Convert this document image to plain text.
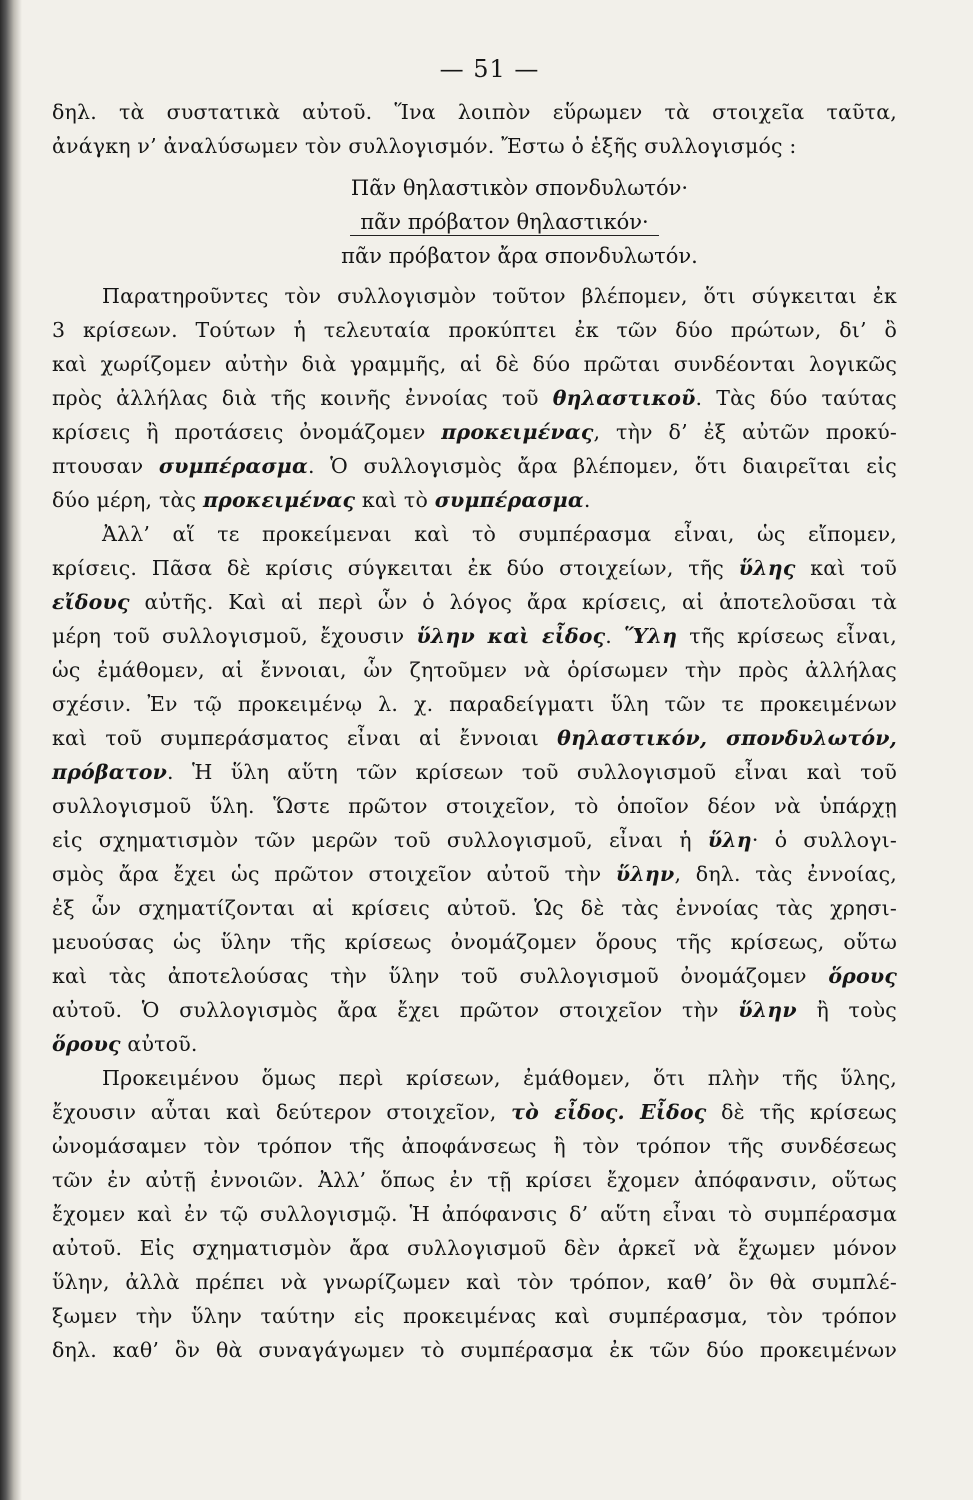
— 51 —
δηλ. τὰ συστατικὰ αὐτοῦ. Ἵνα λοιπὸν εὕρωμεν τὰ στοιχεῖα ταῦτα,
ἀνάγκη ν’ ἀναλύσωμεν τὸν συλλογισμόν. Ἔστω ὁ ἑξῆς συλλογισμός :
Πᾶν θηλαστικὸν σπονδυλωτόν·
πᾶν πρόβατον θηλαστικόν·
πᾶν πρόβατον ἄρα σπονδυλωτόν.
Παρατηροῦντες τὸν συλλογισμὸν τοῦτον βλέπομεν, ὅτι σύγκειται ἐκ
3 κρίσεων. Τούτων ἡ τελευταία προκύπτει ἐκ τῶν δύο πρώτων, δι’ ὃ
καὶ χωρίζομεν αὐτὴν διὰ γραμμῆς, αἱ δὲ δύο πρῶται συνδέονται λογικῶς
πρὸς ἀλλήλας διὰ τῆς κοινῆς ἐννοίας τοῦ θηλαστικοῦ. Τὰς δύο ταύτας
κρίσεις ἢ προτάσεις ὀνομάζομεν προκειμένας, τὴν δ’ ἐξ αὐτῶν προκύ-
πτουσαν συμπέρασμα. Ὁ συλλογισμὸς ἄρα βλέπομεν, ὅτι διαιρεῖται εἰς
δύο μέρη, τὰς προκειμένας καὶ τὸ συμπέρασμα.
Ἀλλ’ αἵ τε προκείμεναι καὶ τὸ συμπέρασμα εἶναι, ὡς εἴπομεν,
κρίσεις. Πᾶσα δὲ κρίσις σύγκειται ἐκ δύο στοιχείων, τῆς ὕλης καὶ τοῦ
εἴδους αὐτῆς. Καὶ αἱ περὶ ὧν ὁ λόγος ἄρα κρίσεις, αἱ ἀποτελοῦσαι τὰ
μέρη τοῦ συλλογισμοῦ, ἔχουσιν ὕλην καὶ εἶδος. Ὕλη τῆς κρίσεως εἶναι,
ὡς ἐμάθομεν, αἱ ἔννοιαι, ὧν ζητοῦμεν νὰ ὁρίσωμεν τὴν πρὸς ἀλλήλας
σχέσιν. Ἐν τῷ προκειμένῳ λ. χ. παραδείγματι ὕλη τῶν τε προκειμένων
καὶ τοῦ συμπεράσματος εἶναι αἱ ἔννοιαι θηλαστικόν, σπονδυλωτόν,
πρόβατον. Ἡ ὕλη αὕτη τῶν κρίσεων τοῦ συλλογισμοῦ εἶναι καὶ τοῦ
συλλογισμοῦ ὕλη. Ὥστε πρῶτον στοιχεῖον, τὸ ὁποῖον δέον νὰ ὑπάρχῃ
εἰς σχηματισμὸν τῶν μερῶν τοῦ συλλογισμοῦ, εἶναι ἡ ὕλη· ὁ συλλογι-
σμὸς ἄρα ἔχει ὡς πρῶτον στοιχεῖον αὐτοῦ τὴν ὕλην, δηλ. τὰς ἐννοίας,
ἐξ ὧν σχηματίζονται αἱ κρίσεις αὐτοῦ. Ὡς δὲ τὰς ἐννοίας τὰς χρησι-
μευούσας ὡς ὕλην τῆς κρίσεως ὀνομάζομεν ὅρους τῆς κρίσεως, οὕτω
καὶ τὰς ἀποτελούσας τὴν ὕλην τοῦ συλλογισμοῦ ὀνομάζομεν ὅρους
αὐτοῦ. Ὁ συλλογισμὸς ἄρα ἔχει πρῶτον στοιχεῖον τὴν ὕλην ἢ τοὺς
ὅρους αὐτοῦ.
Προκειμένου ὅμως περὶ κρίσεων, ἐμάθομεν, ὅτι πλὴν τῆς ὕλης,
ἔχουσιν αὗται καὶ δεύτερον στοιχεῖον, τὸ εἶδος. Εἶδος δὲ τῆς κρίσεως
ὠνομάσαμεν τὸν τρόπον τῆς ἀποφάνσεως ἢ τὸν τρόπον τῆς συνδέσεως
τῶν ἐν αὐτῇ ἐννοιῶν. Ἀλλ’ ὅπως ἐν τῇ κρίσει ἔχομεν ἀπόφανσιν, οὕτως
ἔχομεν καὶ ἐν τῷ συλλογισμῷ. Ἡ ἀπόφανσις δ’ αὕτη εἶναι τὸ συμπέρασμα
αὐτοῦ. Εἰς σχηματισμὸν ἄρα συλλογισμοῦ δὲν ἀρκεῖ νὰ ἔχωμεν μόνον
ὕλην, ἀλλὰ πρέπει νὰ γνωρίζωμεν καὶ τὸν τρόπον, καθ’ ὃν θὰ συμπλέ-
ξωμεν τὴν ὕλην ταύτην εἰς προκειμένας καὶ συμπέρασμα, τὸν τρόπον
δηλ. καθ’ ὃν θὰ συναγάγωμεν τὸ συμπέρασμα ἐκ τῶν δύο προκειμένων
